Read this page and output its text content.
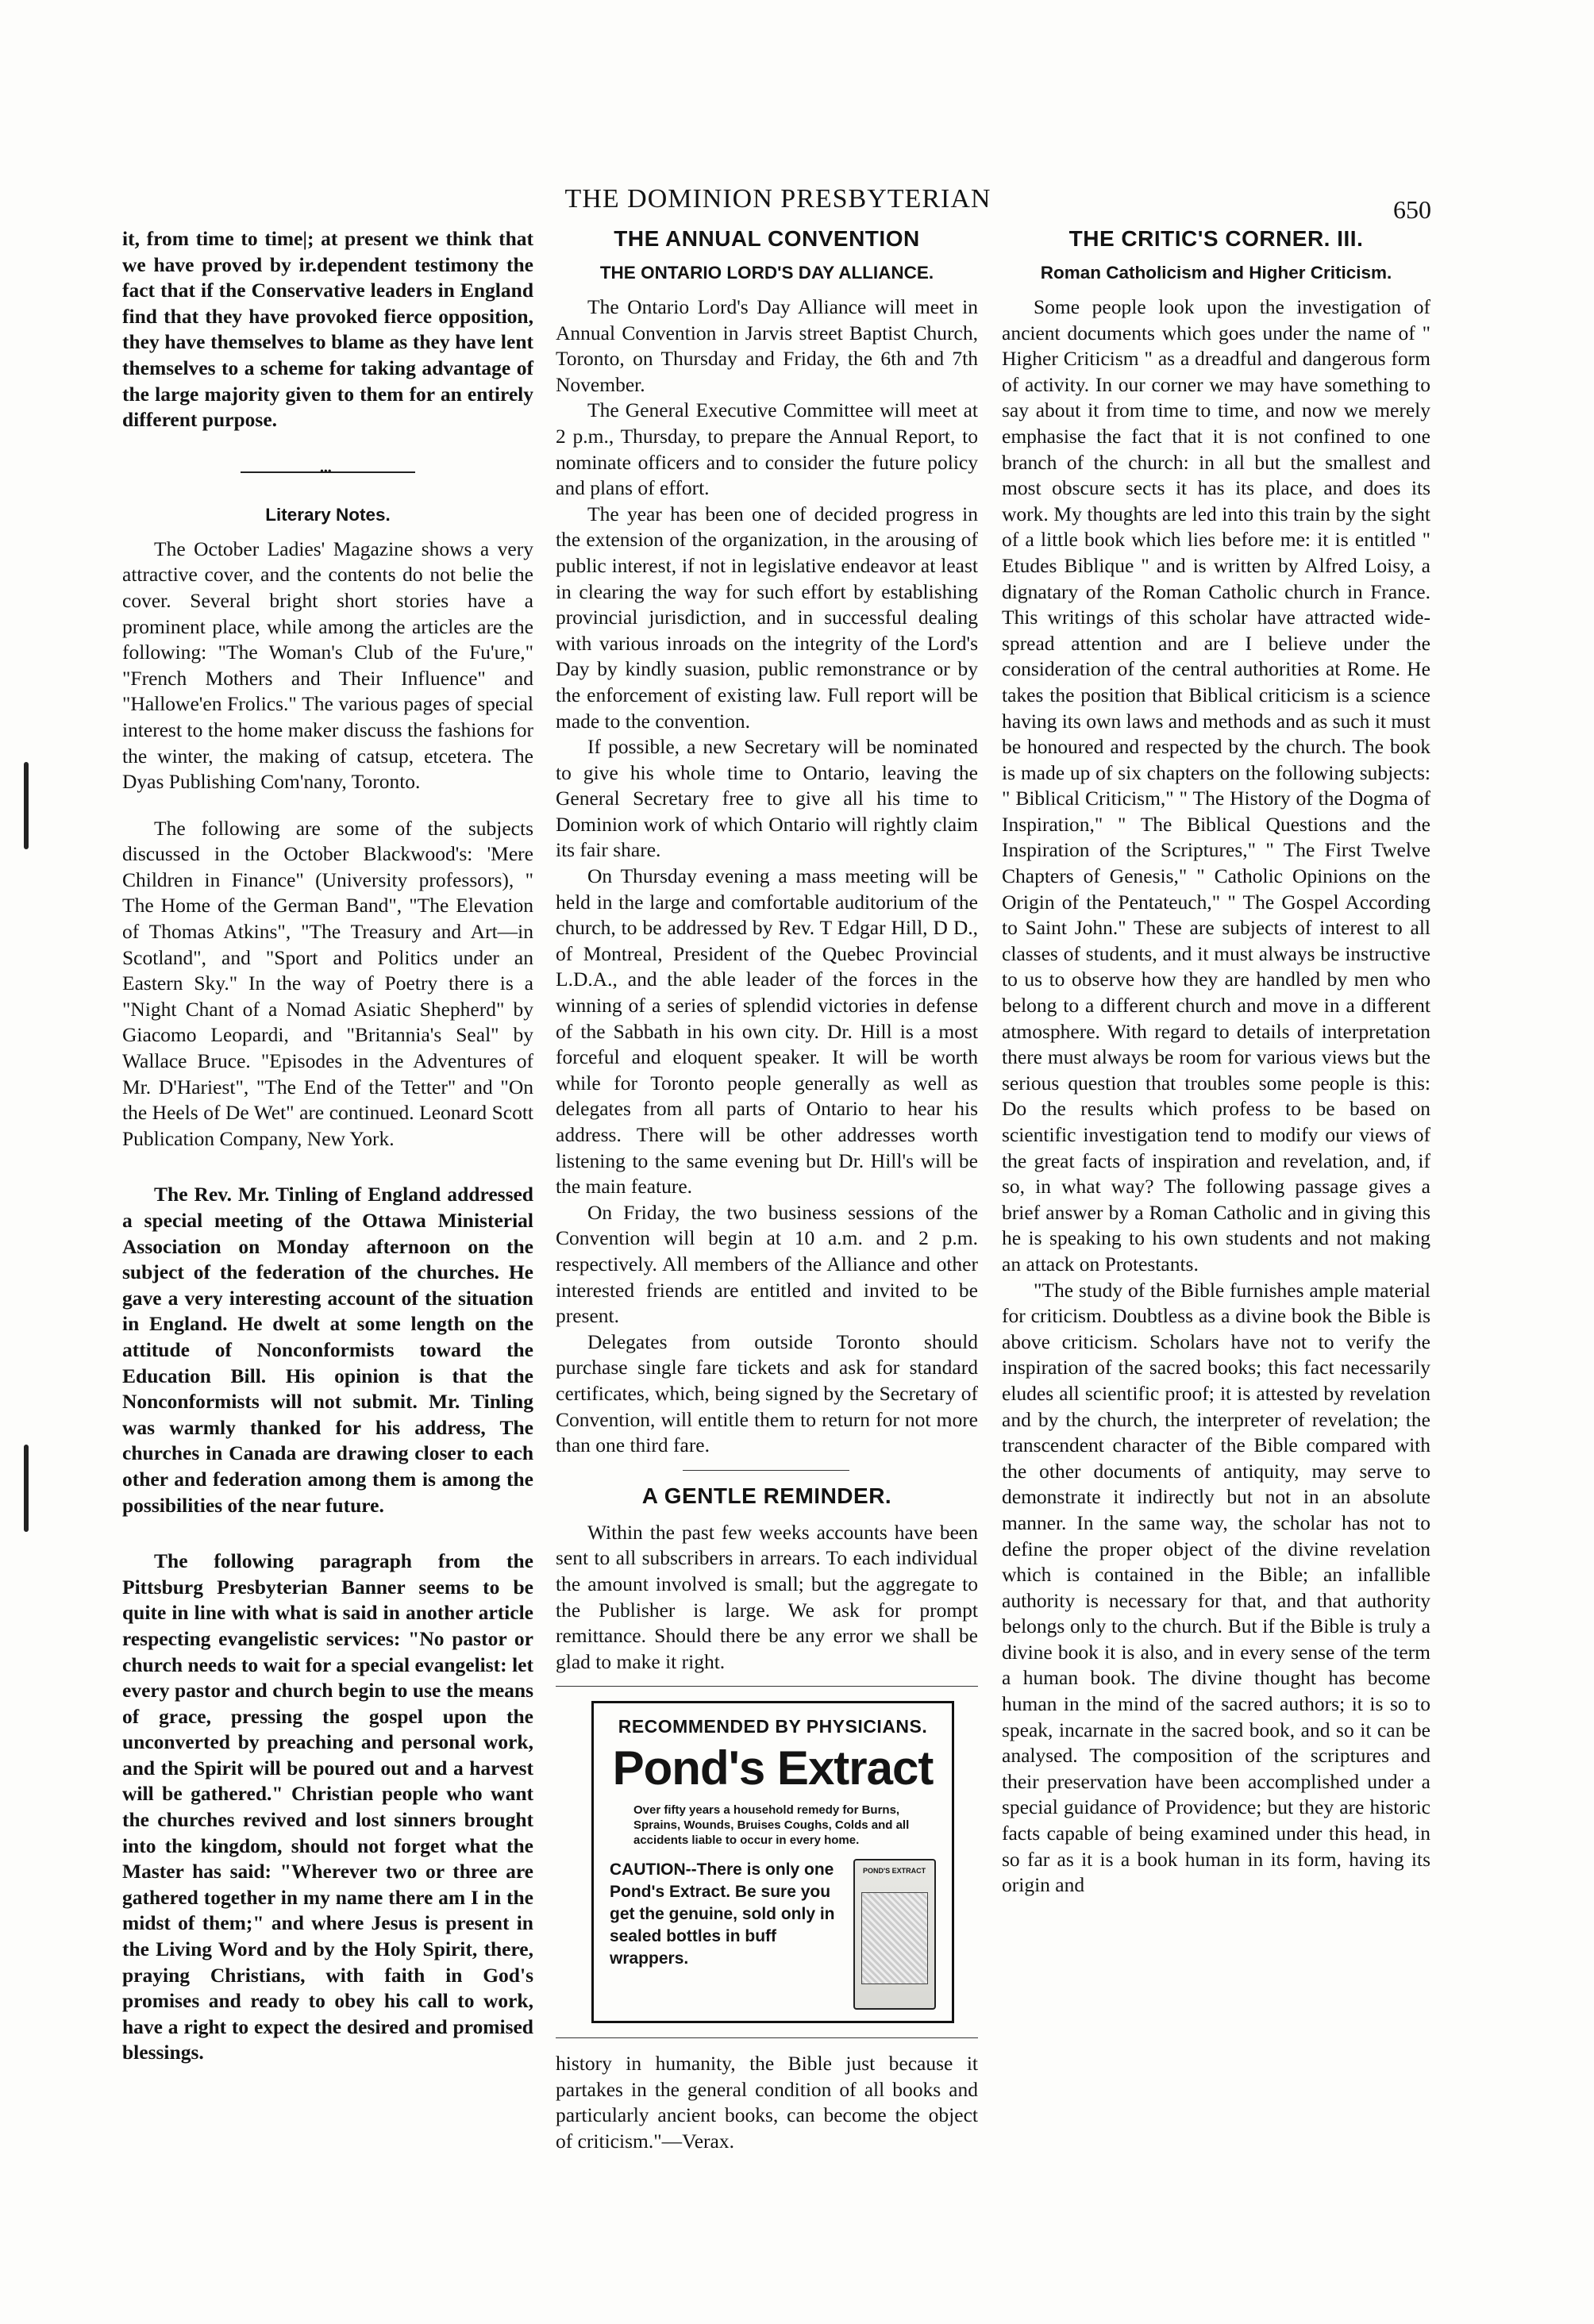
THE DOMINION PRESBYTERIAN	650

it, from time to time|; at present we think that we have proved by ir.dependent testimony the fact that if the Conservative leaders in England find that they have provoked fierce opposition, they have themselves to blame as they have lent themselves to a scheme for taking advantage of the large majority given to them for an entirely different purpose.

•••
Literary Notes.

The October Ladies' Magazine shows a very attractive cover, and the contents do not belie the cover. Several bright short stories have a prominent place, while among the articles are the following: "The Woman's Club of the Fu'ure," "French Mothers and Their Influence" and "Hallowe'en Frolics." The various pages of special interest to the home maker discuss the fashions for the winter, the making of catsup, etcetera. The Dyas Publishing Com'nany, Toronto.

The following are some of the subjects discussed in the October Blackwood's: 'Mere Children in Finance" (University professors), " The Home of the German Band", "The Elevation of Thomas Atkins", "The Treasury and Art—in Scotland", and "Sport and Politics under an Eastern Sky." In the way of Poetry there is a "Night Chant of a Nomad Asiatic Shepherd" by Giacomo Leopardi, and "Britannia's Seal" by Wallace Bruce. "Episodes in the Adventures of Mr. D'Hariest", "The End of the Tetter" and "On the Heels of De Wet" are continued. Leonard Scott Publication Company, New York.

The Rev. Mr. Tinling of England addressed a special meeting of the Ottawa Ministerial Association on Monday afternoon on the subject of the federation of the churches. He gave a very interesting account of the situation in England. He dwelt at some length on the attitude of Nonconformists toward the Education Bill. His opinion is that the Nonconformists will not submit. Mr. Tinling was warmly thanked for his address, The churches in Canada are drawing closer to each other and federation among them is among the possibilities of the near future.

The following paragraph from the Pittsburg Presbyterian Banner seems to be quite in line with what is said in another article respecting evangelistic services: "No pastor or church needs to wait for a special evangelist: let every pastor and church begin to use the means of grace, pressing the gospel upon the unconverted by preaching and personal work, and the Spirit will be poured out and a harvest will be gathered." Christian people who want the churches revived and lost sinners brought into the kingdom, should not forget what the Master has said: "Wherever two or three are gathered together in my name there am I in the midst of them;" and where Jesus is present in the Living Word and by the Holy Spirit, there, praying Christians, with faith in God's promises and ready to obey his call to work, have a right to expect the desired and promised blessings.

THE ANNUAL CONVENTION
THE ONTARIO LORD'S DAY ALLIANCE.

The Ontario Lord's Day Alliance will meet in Annual Convention in Jarvis street Baptist Church, Toronto, on Thursday and Friday, the 6th and 7th November.

The General Executive Committee will meet at 2 p.m., Thursday, to prepare the Annual Report, to nominate officers and to consider the future policy and plans of effort.

The year has been one of decided progress in the extension of the organization, in the arousing of public interest, if not in legislative endeavor at least in clearing the way for such effort by establishing provincial jurisdiction, and in successful dealing with various inroads on the integrity of the Lord's Day by kindly suasion, public remonstrance or by the enforcement of existing law. Full report will be made to the convention.

If possible, a new Secretary will be nominated to give his whole time to Ontario, leaving the General Secretary free to give all his time to Dominion work of which Ontario will rightly claim its fair share.

On Thursday evening a mass meeting will be held in the large and comfortable auditorium of the church, to be addressed by Rev. T Edgar Hill, D D., of Montreal, President of the Quebec Provincial L.D.A., and the able leader of the forces in the winning of a series of splendid victories in defense of the Sabbath in his own city. Dr. Hill is a most forceful and eloquent speaker. It will be worth while for Toronto people generally as well as delegates from all parts of Ontario to hear his address. There will be other addresses worth listening to the same evening but Dr. Hill's will be the main feature.

On Friday, the two business sessions of the Convention will begin at 10 a.m. and 2 p.m. respectively. All members of the Alliance and other interested friends are entitled and invited to be present.

Delegates from outside Toronto should purchase single fare tickets and ask for standard certificates, which, being signed by the Secretary of Convention, will entitle them to return for not more than one third fare.

A GENTLE REMINDER.

Within the past few weeks accounts have been sent to all subscribers in arrears. To each individual the amount involved is small; but the aggregate to the Publisher is large. We ask for prompt remittance. Should there be any error we shall be glad to make it right.

RECOMMENDED BY PHYSICIANS.
Pond's Extract
Over fifty years a household remedy for Burns, Sprains, Wounds, Bruises Coughs, Colds and all accidents liable to occur in every home.
CAUTION--There is only one Pond's Extract. Be sure you get the genuine, sold only in sealed bottles in buff wrappers.
POND'S EXTRACT

history in humanity, the Bible just because it partakes in the general condition of all books and particularly ancient books, can become the object of criticism."—Verax.

THE CRITIC'S CORNER. III.
Roman Catholicism and Higher Criticism.

Some people look upon the investigation of ancient documents which goes under the name of " Higher Criticism " as a dreadful and dangerous form of activity. In our corner we may have something to say about it from time to time, and now we merely emphasise the fact that it is not confined to one branch of the church: in all but the smallest and most obscure sects it has its place, and does its work. My thoughts are led into this train by the sight of a little book which lies before me: it is entitled " Etudes Biblique " and is written by Alfred Loisy, a dignatary of the Roman Catholic church in France. This writings of this scholar have attracted wide-spread attention and are I believe under the consideration of the central authorities at Rome. He takes the position that Biblical criticism is a science having its own laws and methods and as such it must be honoured and respected by the church. The book is made up of six chapters on the following subjects: " Biblical Criticism," " The History of the Dogma of Inspiration," " The Biblical Questions and the Inspiration of the Scriptures," " The First Twelve Chapters of Genesis," " Catholic Opinions on the Origin of the Pentateuch," " The Gospel According to Saint John." These are subjects of interest to all classes of students, and it must always be instructive to us to observe how they are handled by men who belong to a different church and move in a different atmosphere. With regard to details of interpretation there must always be room for various views but the serious question that troubles some people is this: Do the results which profess to be based on scientific investigation tend to modify our views of the great facts of inspiration and revelation, and, if so, in what way? The following passage gives a brief answer by a Roman Catholic and in giving this he is speaking to his own students and not making an attack on Protestants.

"The study of the Bible furnishes ample material for criticism. Doubtless as a divine book the Bible is above criticism. Scholars have not to verify the inspiration of the sacred books; this fact necessarily eludes all scientific proof; it is attested by revelation and by the church, the interpreter of revelation; the transcendent character of the Bible compared with the other documents of antiquity, may serve to demonstrate it indirectly but not in an absolute manner. In the same way, the scholar has not to define the proper object of the divine revelation which is contained in the Bible; an infallible authority is necessary for that, and that authority belongs only to the church. But if the Bible is truly a divine book it is also, and in every sense of the term a human book. The divine thought has become human in the mind of the sacred authors; it is so to speak, incarnate in the sacred book, and so it can be analysed. The composition of the scriptures and their preservation have been accomplished under a special guidance of Providence; but they are historic facts capable of being examined under this head, in so far as it is a book human in its form, having its origin and
